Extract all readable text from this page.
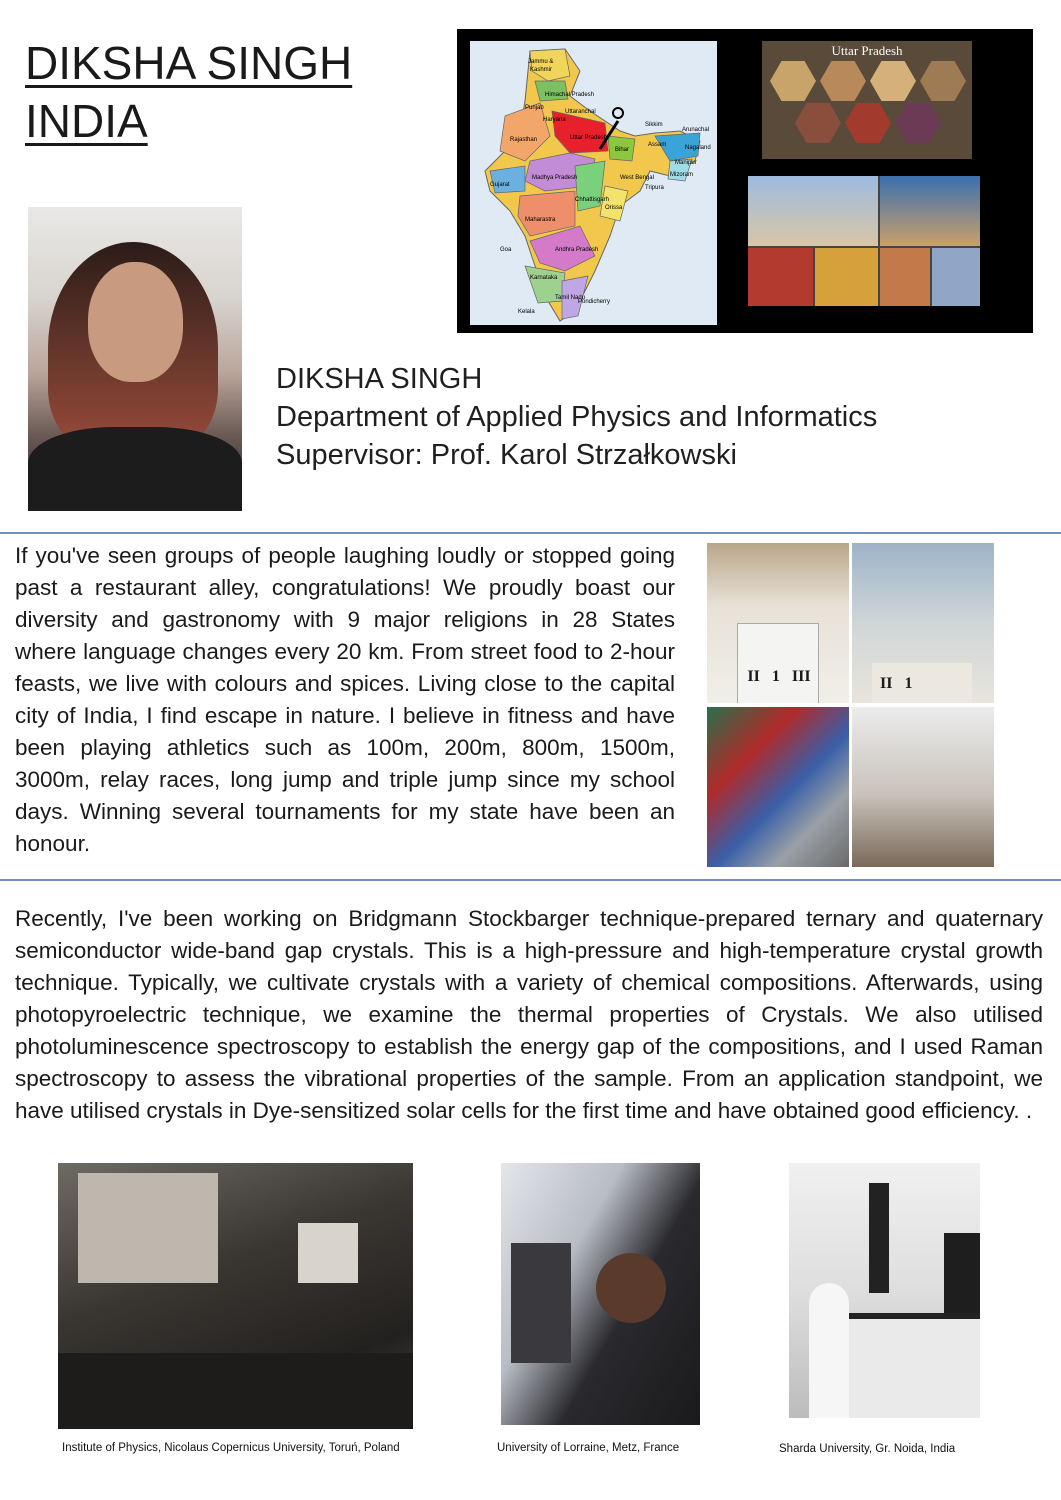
DIKSHA SINGH
INDIA
Jammu &
Kashmir
Himachal Pradesh
Punjab
Uttaranchal
Haryana
Rajasthan	Uttar Pradesh
Bihar
Sikkim
Arunachal
Assam	Nagaland
Manipur
Mizoram
Tripura
West Bengal
Gujarat
Madhya Pradesh
Chhattisgarh
Orissa
Maharastra
Andhra Pradesh
Goa
Karnataka
Tamil Nadu
Pondicherry
Kelala
Uttar Pradesh
DIKSHA SINGH
Department of Applied Physics and Informatics
Supervisor: Prof. Karol Strzałkowski

If you've seen groups of people laughing loudly or stopped going past a restaurant alley, congratulations! We proudly boast our diversity and gastronomy with 9 major religions in 28 States where language changes every 20 km. From street food to 2-hour feasts, we live with colours and spices. Living close to the capital city of India, I find escape in nature. I believe in fitness and have been playing athletics such as 100m, 200m, 800m, 1500m, 3000m, relay races, long jump and triple jump since my school days. Winning several tournaments for my state have been an honour.

II 1 III	II 1

Recently, I've been working on Bridgmann Stockbarger technique-prepared ternary and quaternary semiconductor wide-band gap crystals. This is a high-pressure and high-temperature crystal growth technique. Typically, we cultivate crystals with a variety of chemical compositions. Afterwards, using photopyroelectric technique, we examine the thermal properties of Crystals. We also utilised photoluminescence spectroscopy to establish the energy gap of the compositions, and I used Raman spectroscopy to assess the vibrational properties of the sample. From an application standpoint, we have utilised crystals in Dye-sensitized solar cells for the first time and have obtained good efficiency. .

Institute of Physics, Nicolaus Copernicus University, Toruń, Poland	University of Lorraine, Metz, France	Sharda University, Gr. Noida, India
